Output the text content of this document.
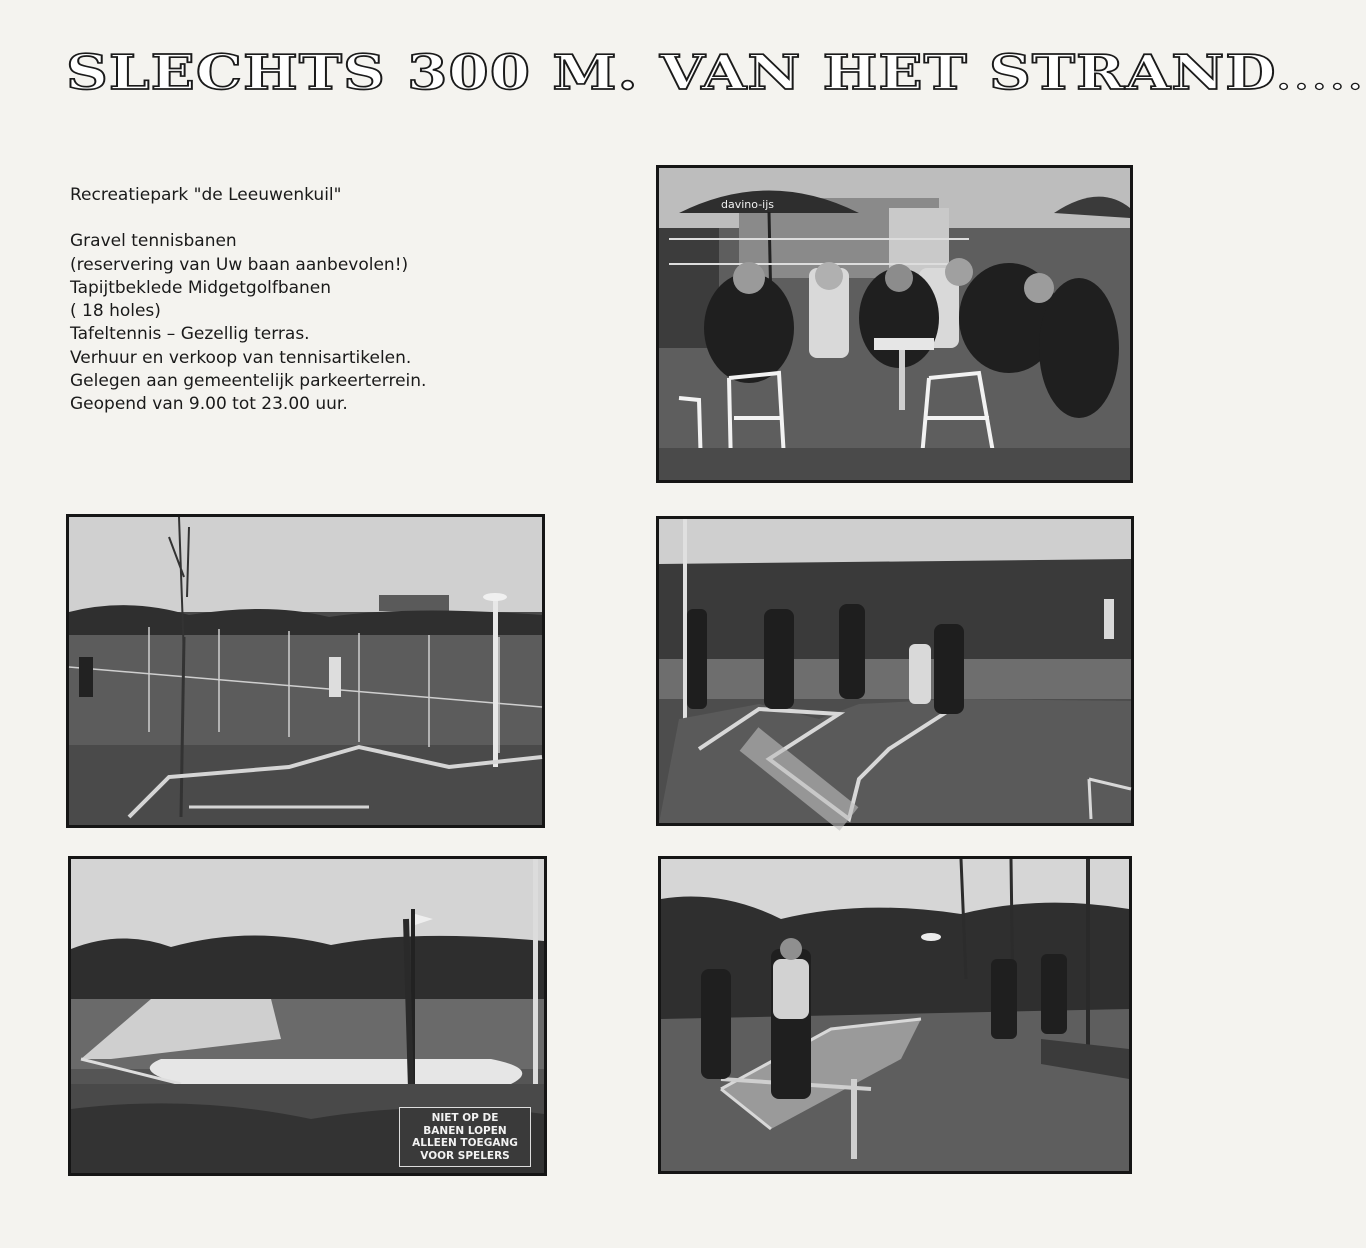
SLECHTS 300 M. VAN HET STRAND.....

Recreatiepark "de Leeuwenkuil"

Gravel tennisbanen

(reservering van Uw baan aanbevolen!)

Tapijtbeklede Midgetgolfbanen

( 18 holes)

Tafeltennis – Gezellig terras.

Verhuur en verkoop van tennisartikelen.

Gelegen aan gemeentelijk parkeerterrein.

Geopend van 9.00 tot 23.00 uur.

davino-ijs
NIET OP DE
BANEN LOPEN
ALLEEN TOEGANG
VOOR SPELERS
